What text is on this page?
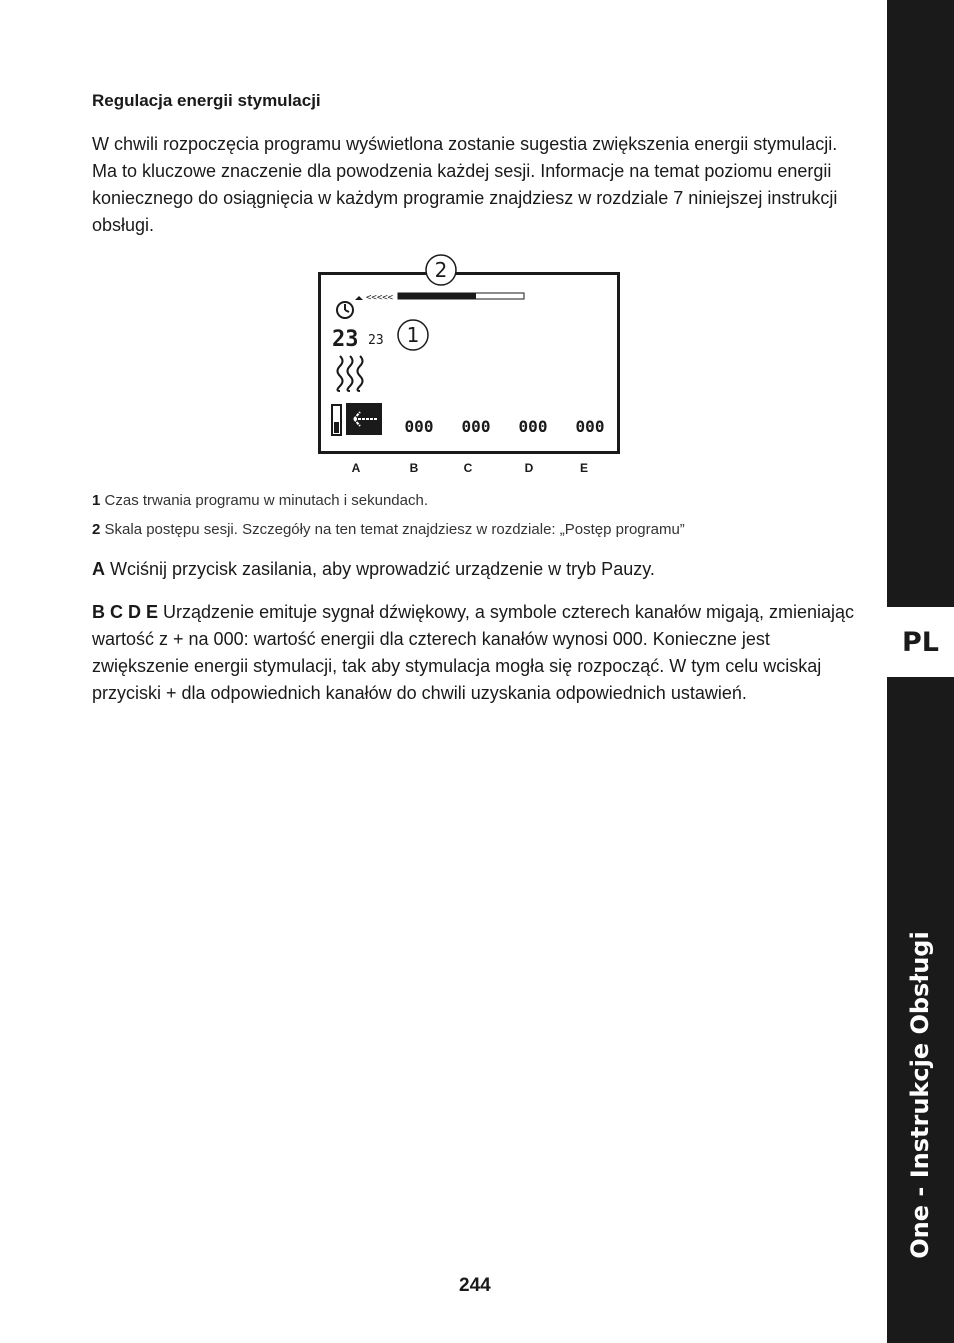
PL
One - Instrukcje Obsługi
Regulacja energii stymulacji
W chwili rozpoczęcia programu wyświetlona zostanie sugestia zwiększenia energii stymulacji. Ma to kluczowe znaczenie dla powodzenia każdej sesji. Informacje na temat poziomu energii koniecznego do osiągnięcia w każdym programie znajdziesz w rozdziale 7 niniejszej instrukcji obsługi.
2
<<<<<
23 23 1
000 000 000 000
A	B	C	D	E
1 Czas trwania programu w minutach i sekundach.
2 Skala postępu sesji. Szczegóły na ten temat znajdziesz w rozdziale: „Postęp programu”
A Wciśnij przycisk zasilania, aby wprowadzić urządzenie w tryb Pauzy.
B C D E Urządzenie emituje sygnał dźwiękowy, a symbole czterech kanałów migają, zmieniając wartość z + na 000: wartość energii dla czterech kanałów wynosi 000. Konieczne jest zwiększenie energii stymulacji, tak aby stymulacja mogła się rozpocząć. W tym celu wciskaj przyciski + dla odpowiednich kanałów do chwili uzyskania odpowiednich ustawień.
244
